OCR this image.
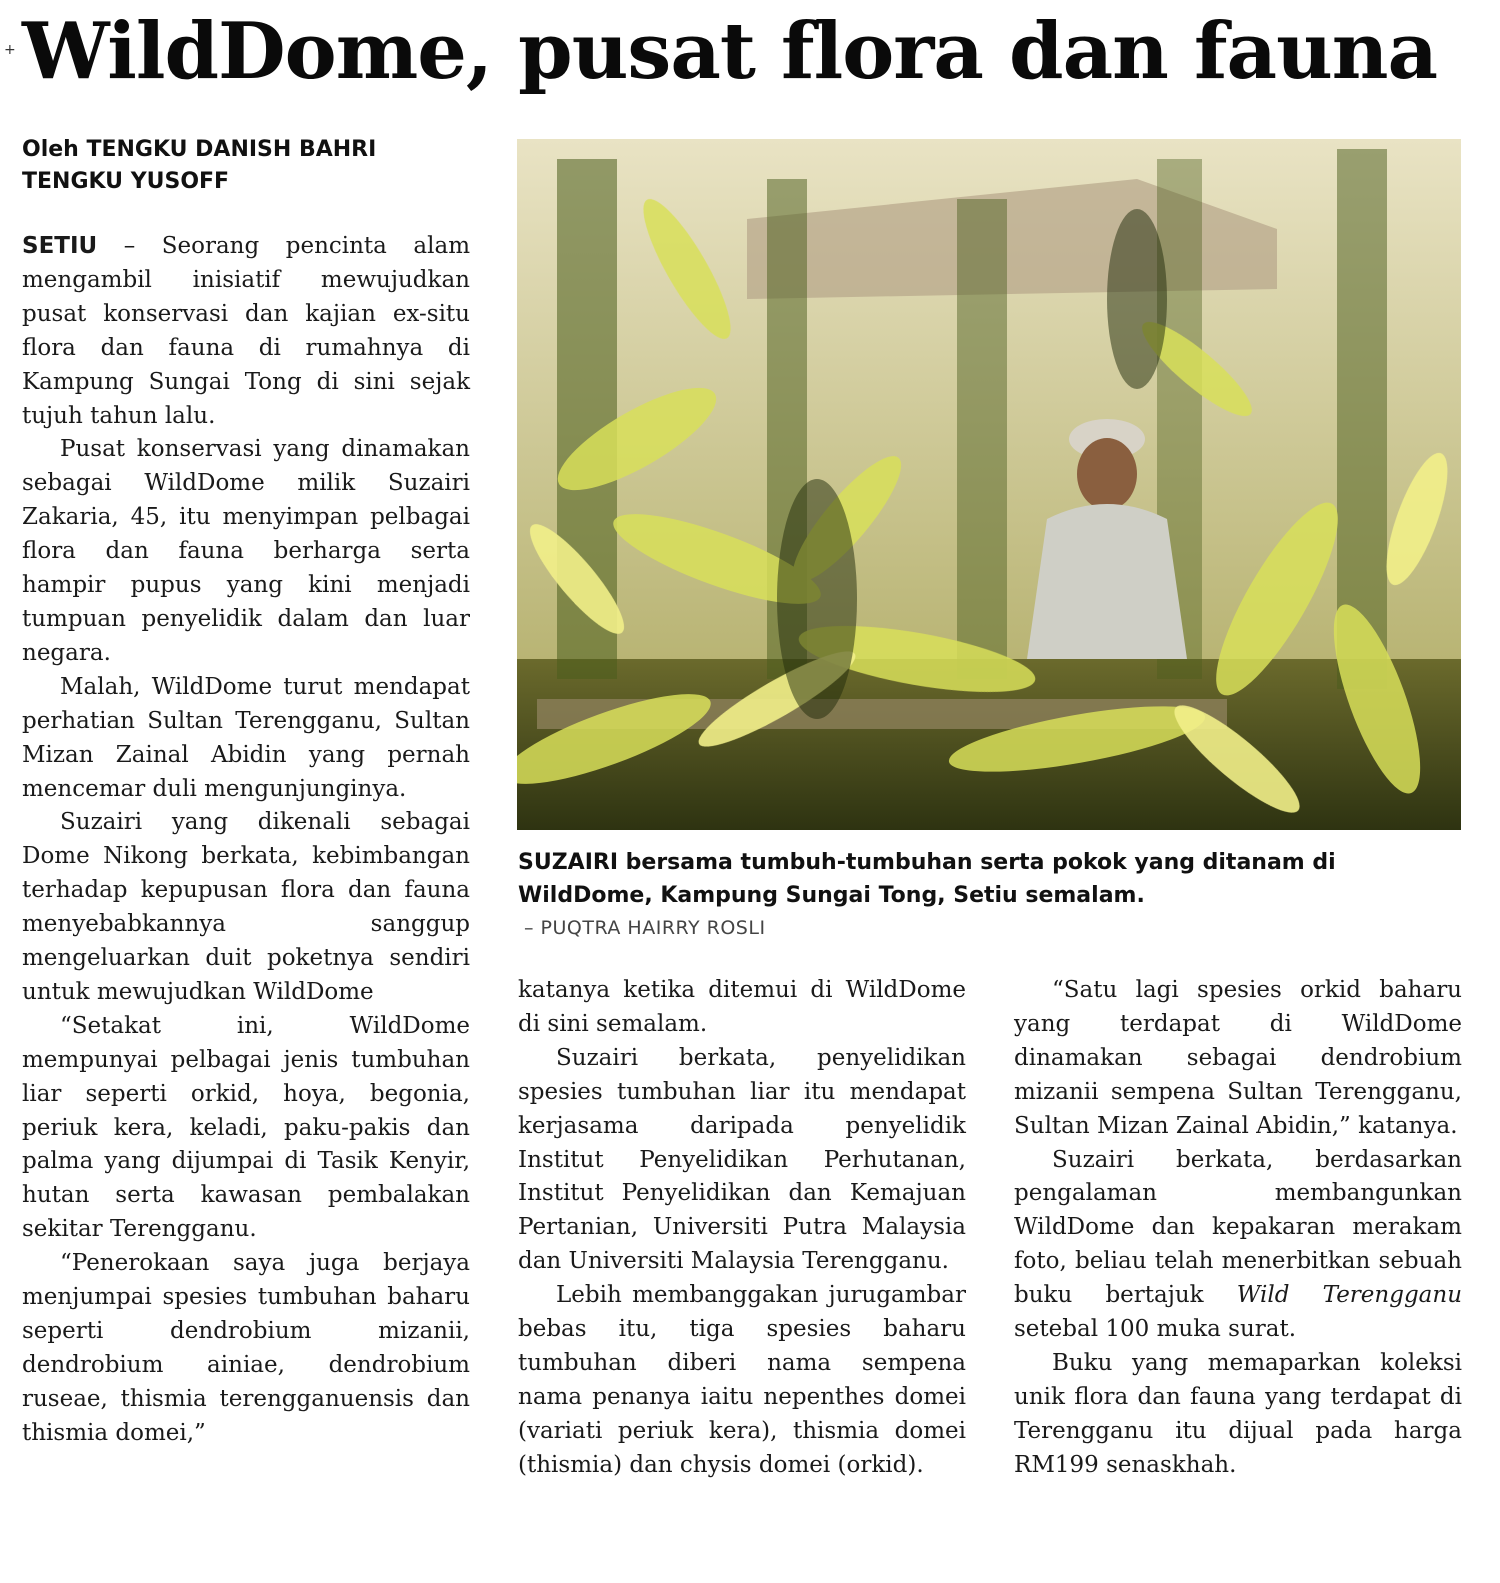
+ WildDome, pusat flora dan fauna
Oleh TENGKU DANISH BAHRI
TENGKU YUSOFF

SETIU – Seorang pencinta alam mengambil inisiatif mewujudkan pusat konservasi dan kajian ex-situ flora dan fauna di rumahnya di Kampung Sungai Tong di sini sejak tujuh tahun lalu.

Pusat konservasi yang dinamakan sebagai WildDome milik Suzairi Zakaria, 45, itu menyimpan pelbagai flora dan fauna berharga serta hampir pupus yang kini menjadi tumpuan penyelidik dalam dan luar negara.

Malah, WildDome turut mendapat perhatian Sultan Terengganu, Sultan Mizan Zainal Abidin yang pernah mencemar duli mengunjunginya.

Suzairi yang dikenali sebagai Dome Nikong berkata, kebimbangan terhadap kepupusan flora dan fauna menyebabkannya sanggup mengeluarkan duit poketnya sendiri untuk mewujudkan WildDome

“Setakat ini, WildDome mempunyai pelbagai jenis tumbuhan liar seperti orkid, hoya, begonia, periuk kera, keladi, paku-pakis dan palma yang dijumpai di Tasik Kenyir, hutan serta kawasan pembalakan sekitar Terengganu.

“Penerokaan saya juga berjaya menjumpai spesies tumbuhan baharu seperti dendrobium mizanii, dendrobium ainiae, dendrobium ruseae, thismia terengganuensis dan thismia domei,”

SUZAIRI bersama tumbuh-tumbuhan serta pokok yang ditanam di WildDome, Kampung Sungai Tong, Setiu semalam.
– PUQTRA HAIRRY ROSLI

katanya ketika ditemui di WildDome di sini semalam.

Suzairi berkata, penyelidikan spesies tumbuhan liar itu mendapat kerjasama daripada penyelidik Institut Penyelidikan Perhutanan, Institut Penyelidikan dan Kemajuan Pertanian, Universiti Putra Malaysia dan Universiti Malaysia Terengganu.

Lebih membanggakan jurugambar bebas itu, tiga spesies baharu tumbuhan diberi nama sempena nama penanya iaitu nepenthes domei (variati periuk kera), thismia domei (thismia) dan chysis domei (orkid).

“Satu lagi spesies orkid baharu yang terdapat di WildDome dinamakan sebagai dendrobium mizanii sempena Sultan Terengganu, Sultan Mizan Zainal Abidin,” katanya.

Suzairi berkata, berdasarkan pengalaman membangunkan WildDome dan kepakaran merakam foto, beliau telah menerbitkan sebuah buku bertajuk Wild Terengganu setebal 100 muka surat.

Buku yang memaparkan koleksi unik flora dan fauna yang terdapat di Terengganu itu dijual pada harga RM199 senaskhah.
